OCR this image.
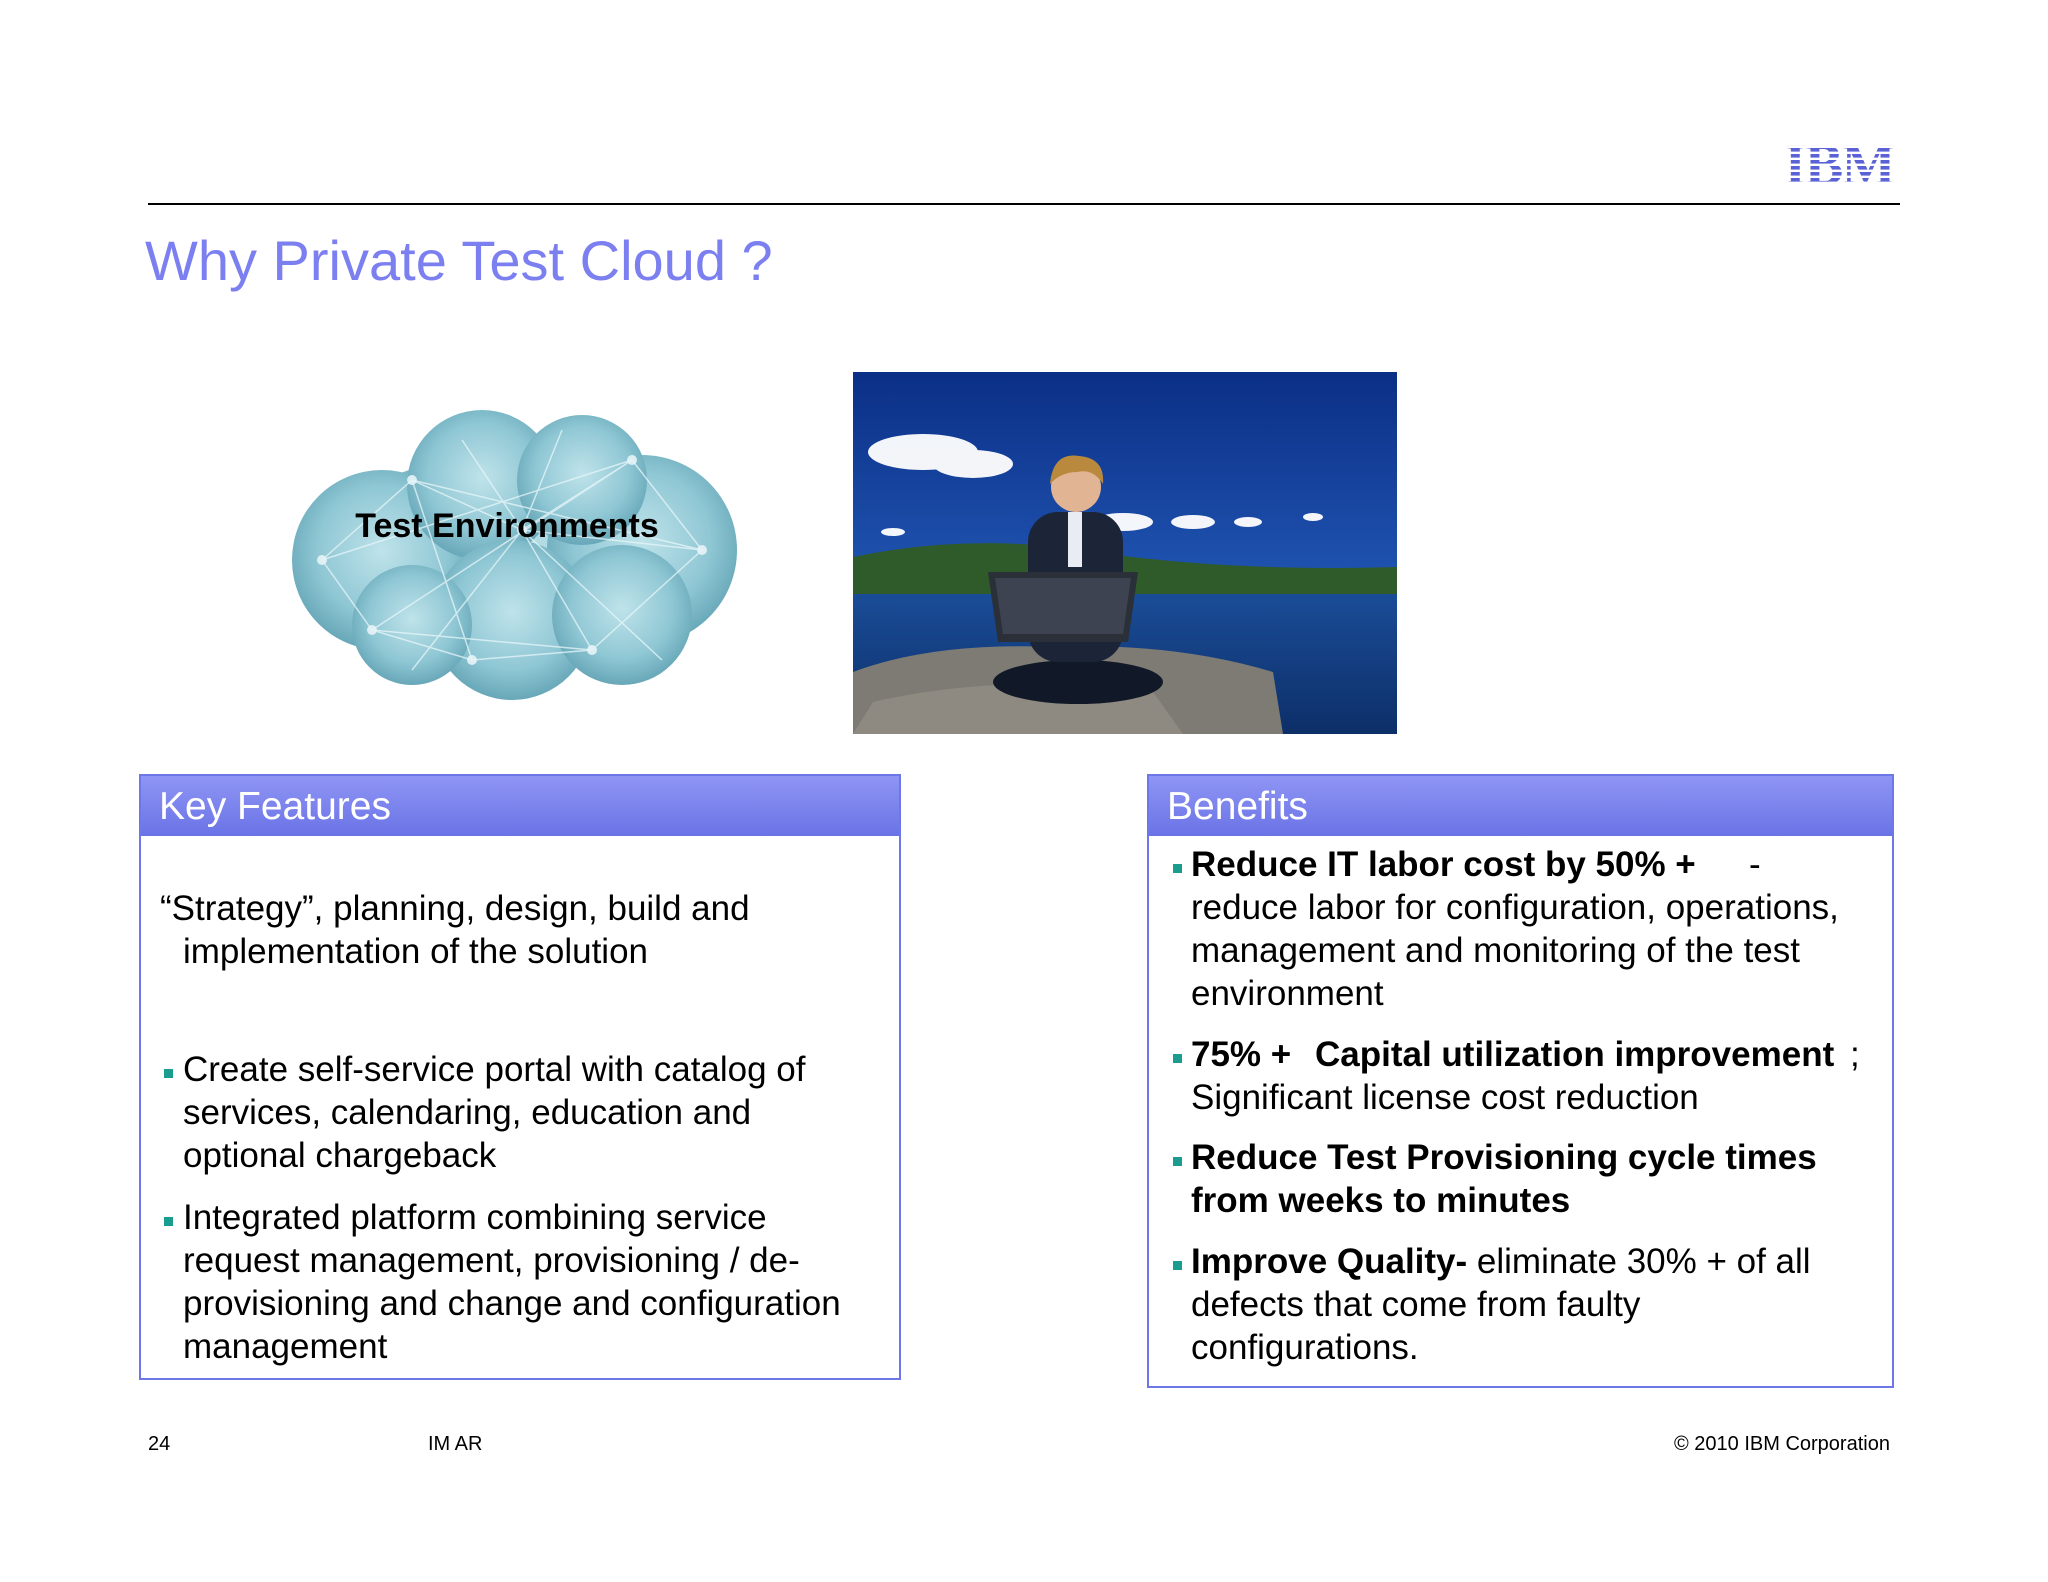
IBM
Why Private Test Cloud ?
Test Environments
Key Features
“Strategy”, planning, design, build and
implementation of the solution
Create self-service portal with catalog of
services, calendaring, education and
optional chargeback
Integrated platform combining service
request management, provisioning / de-
provisioning and change and configuration
management
Benefits
Reduce IT labor cost by 50% + -
reduce labor for configuration, operations,
management and monitoring of the test
environment
75% + Capital utilization improvement ;
Significant license cost reduction
Reduce Test Provisioning cycle times
from weeks to minutes
Improve Quality- eliminate 30% + of all
defects that come from faulty
configurations.
24	IM AR	© 2010 IBM Corporation
